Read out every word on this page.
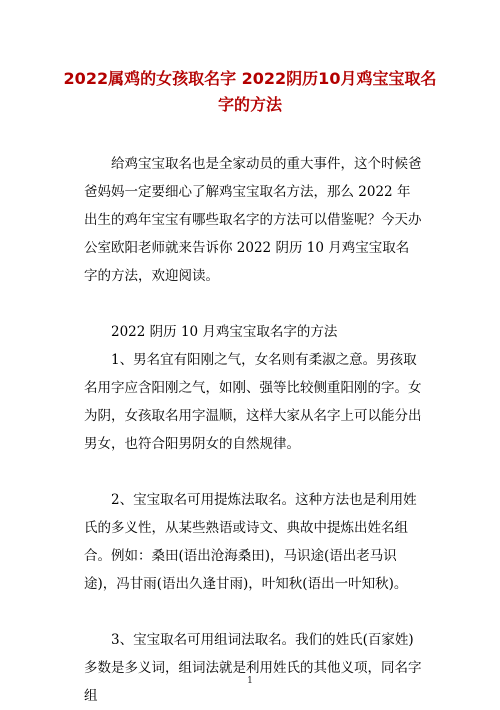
2022属鸡的女孩取名字 2022阴历10月鸡宝宝取名字的方法

给鸡宝宝取名也是全家动员的重大事件，这个时候爸爸妈妈一定要细心了解鸡宝宝取名方法，那么 2022 年出生的鸡年宝宝有哪些取名字的方法可以借鉴呢？今天办公室欧阳老师就来告诉你 2022 阴历 10 月鸡宝宝取名字的方法，欢迎阅读。

2022 阴历 10 月鸡宝宝取名字的方法

1、男名宜有阳刚之气，女名则有柔淑之意。男孩取名用字应含阳刚之气，如刚、强等比较侧重阳刚的字。女为阴，女孩取名用字温顺，这样大家从名字上可以能分出男女，也符合阳男阴女的自然规律。

2、宝宝取名可用提炼法取名。这种方法也是利用姓氏的多义性，从某些熟语或诗文、典故中提炼出姓名组合。例如：桑田(语出沧海桑田)，马识途(语出老马识途)，冯甘雨(语出久逢甘雨)，叶知秋(语出一叶知秋)。

3、宝宝取名可用组词法取名。我们的姓氏(百家姓)多数是多义词，组词法就是利用姓氏的其他义项，同名字组

1
